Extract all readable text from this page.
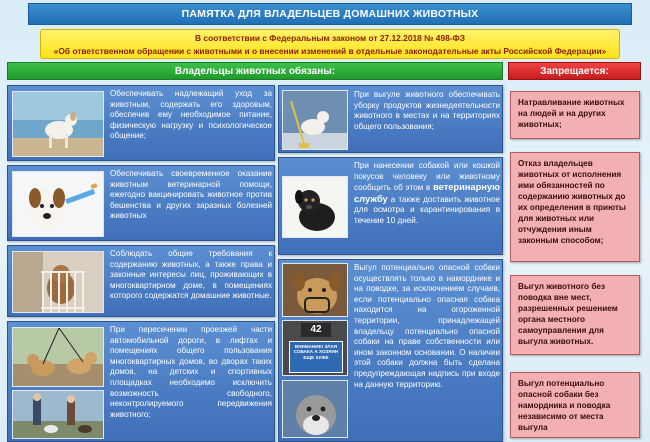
ПАМЯТКА ДЛЯ ВЛАДЕЛЬЦЕВ ДОМАШНИХ ЖИВОТНЫХ
В соответствии с Федеральным законом от 27.12.2018 № 498-ФЗ
«Об ответственном обращении с животными и о внесении изменений в отдельные законодательные акты Российской Федерации»
Владельцы животных обязаны:	Запрещается:
Обеспечивать надлежащий уход за животным, содержать его здоровым, обеспечив ему необходимое питание, физическую нагрузку и психологическое общение;
Обеспечивать своевременное оказание животным ветеринарной помощи, ежегодно вакцинировать животное против бешенства и других заразных болезней животных
Соблюдать общие требования к содержанию животных, а также права и законные интересы лиц, проживающих в многоквартирном доме, в помещениях которого содержатся домашние животные.
При пересечении проезжей части автомобильной дороги, в лифтах и помещениях общего пользования многоквартирных домов, во дворах таких домов, на детских и спортивных площадках необходимо исключить возможность свободного, неконтролируемого передвижения животного;
При выгуле животного обеспечивать уборку продуктов жизнедеятельности животного в местах и на территориях общего пользования;
При нанесении собакой или кошкой покусов человеку или животному сообщить об этом в ветеринарную службу а также доставить животное для осмотра и карантинирования в течение 10 дней.
42
ВНИМАНИЕ! ЗЛАЯ СОБАКА А ХОЗЯИН ЕЩЕ ХУЖЕ
Выгул потенциально опасной собаки осуществлять только в наморднике и на поводке, за исключением случаев, если потенциально опасная собака находится на огороженной территории, принадлежащей владельцу потенциально опасной собаки на праве собственности или ином законном основании. О наличии этой собаки должна быть сделана предупреждающая надпись при входе на данную территорию.
Натравливание животных на людей и на других животных;
Отказ владельцев животных от исполнения ими обязанностей по содержанию животных до их определения в приюты для животных или отчуждения иным законным способом;
Выгул животного без поводка вне мест, разрешенных решением органа местного самоуправления для выгула животных.
Выгул потенциально опасной собаки без намордника и поводка независимо от места выгула
